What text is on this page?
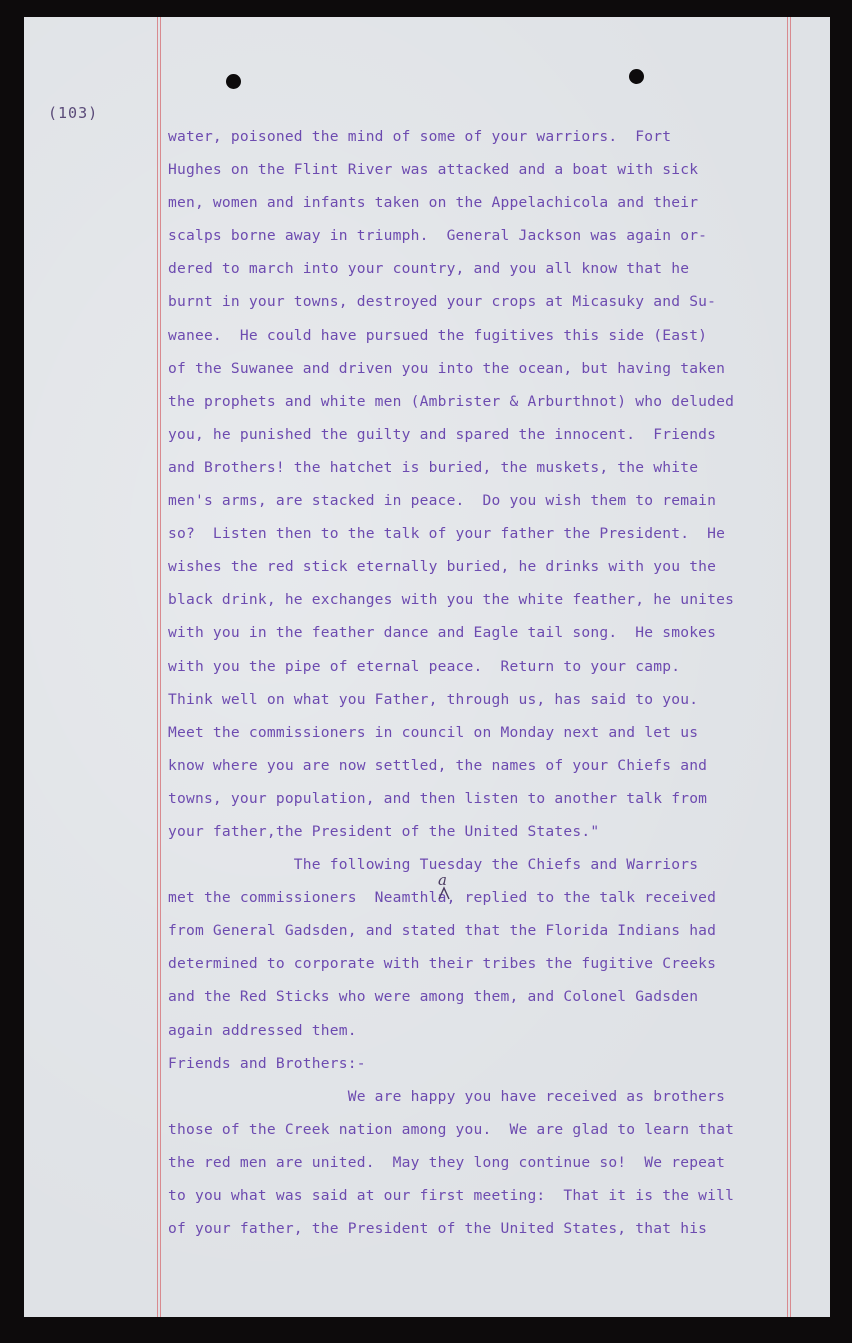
(103)

water, poisoned the mind of some of your warriors.  Fort
Hughes on the Flint River was attacked and a boat with sick
men, women and infants taken on the Appelachicola and their
scalps borne away in triumph.  General Jackson was again or-
dered to march into your country, and you all know that he
burnt in your towns, destroyed your crops at Micasuky and Su-
wanee.  He could have pursued the fugitives this side (East)
of the Suwanee and driven you into the ocean, but having taken
the prophets and white men (Ambrister & Arburthnot) who deluded
you, he punished the guilty and spared the innocent.  Friends
and Brothers! the hatchet is buried, the muskets, the white
men's arms, are stacked in peace.  Do you wish them to remain
so?  Listen then to the talk of your father the President.  He
wishes the red stick eternally buried, he drinks with you the
black drink, he exchanges with you the white feather, he unites
with you in the feather dance and Eagle tail song.  He smokes
with you the pipe of eternal peace.  Return to your camp.
Think well on what you Father, through us, has said to you.
Meet the commissioners in council on Monday next and let us
know where you are now settled, the names of your Chiefs and
towns, your population, and then listen to another talk from
your father,the President of the United States."
The following Tuesday the Chiefs and Warriors
met the commissioners  Neamthla, replied to the talk received
from General Gadsden, and stated that the Florida Indians had
determined to corporate with their tribes the fugitive Creeks
and the Red Sticks who were among them, and Colonel Gadsden
again addressed them.
Friends and Brothers:-
We are happy you have received as brothers
those of the Creek nation among you.  We are glad to learn that
the red men are united.  May they long continue so!  We repeat
to you what was said at our first meeting:  That it is the will
of your father, the President of the United States, that his
a
